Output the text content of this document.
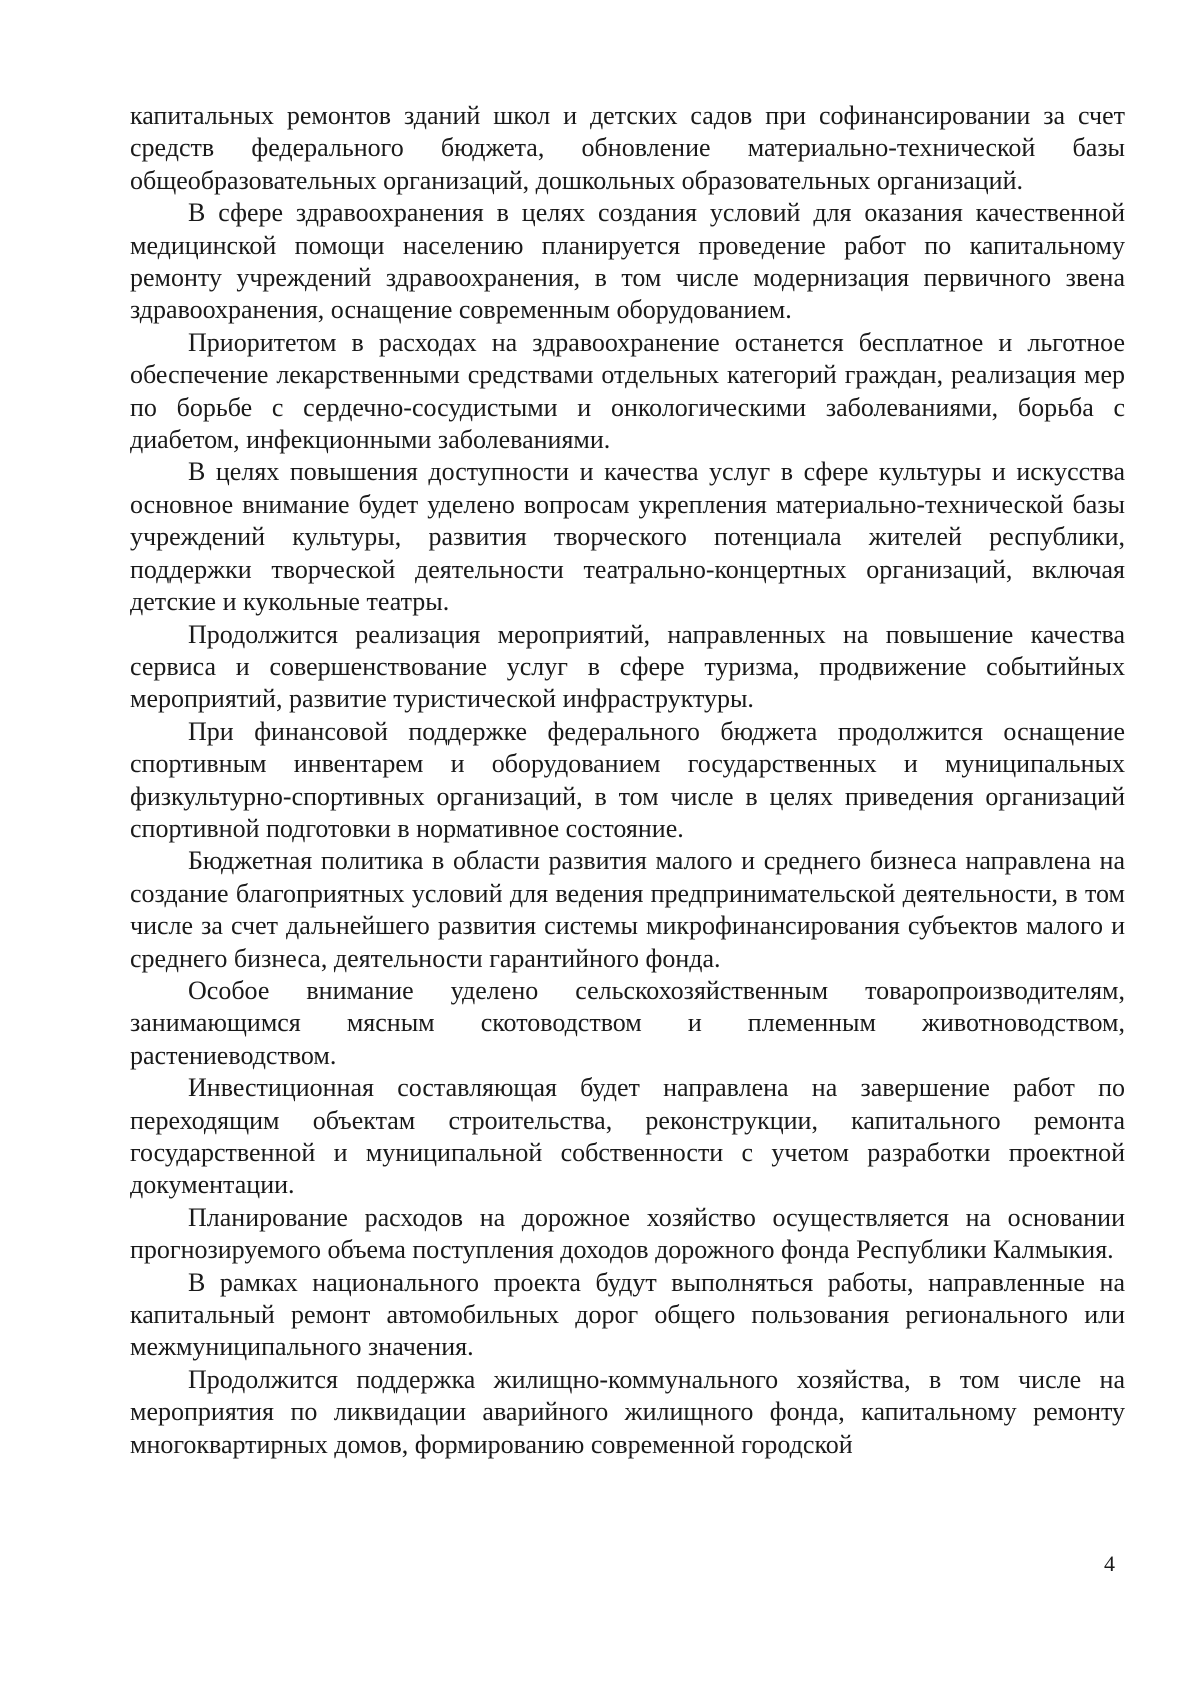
капитальных ремонтов зданий школ и детских садов при софинансировании за счет средств федерального бюджета, обновление материально-технической базы общеобразовательных организаций, дошкольных образовательных организаций.

В сфере здравоохранения в целях создания условий для оказания качественной медицинской помощи населению планируется проведение работ по капитальному ремонту учреждений здравоохранения, в том числе модернизация первичного звена здравоохранения, оснащение современным оборудованием.

Приоритетом в расходах на здравоохранение останется бесплатное и льготное обеспечение лекарственными средствами отдельных категорий граждан, реализация мер по борьбе с сердечно-сосудистыми и онкологическими заболеваниями, борьба с диабетом, инфекционными заболеваниями.

В целях повышения доступности и качества услуг в сфере культуры и искусства основное внимание будет уделено вопросам укрепления материально-технической базы учреждений культуры, развития творческого потенциала жителей республики, поддержки творческой деятельности театрально-концертных организаций, включая детские и кукольные театры.

Продолжится реализация мероприятий, направленных на повышение качества сервиса и совершенствование услуг в сфере туризма, продвижение событийных мероприятий, развитие туристической инфраструктуры.

При финансовой поддержке федерального бюджета продолжится оснащение спортивным инвентарем и оборудованием государственных и муниципальных физкультурно-спортивных организаций, в том числе в целях приведения организаций спортивной подготовки в нормативное состояние.

Бюджетная политика в области развития малого и среднего бизнеса направлена на создание благоприятных условий для ведения предпринимательской деятельности, в том числе за счет дальнейшего развития системы микрофинансирования субъектов малого и среднего бизнеса, деятельности гарантийного фонда.

Особое внимание уделено сельскохозяйственным товаропроизводителям, занимающимся мясным скотоводством и племенным животноводством, растениеводством.

Инвестиционная составляющая будет направлена на завершение работ по переходящим объектам строительства, реконструкции, капитального ремонта государственной и муниципальной собственности с учетом разработки проектной документации.

Планирование расходов на дорожное хозяйство осуществляется на основании прогнозируемого объема поступления доходов дорожного фонда Республики Калмыкия.

В рамках национального проекта будут выполняться работы, направленные на капитальный ремонт автомобильных дорог общего пользования регионального или межмуниципального значения.

Продолжится поддержка жилищно-коммунального хозяйства, в том числе на мероприятия по ликвидации аварийного жилищного фонда, капитальному ремонту многоквартирных домов, формированию современной городской

4
